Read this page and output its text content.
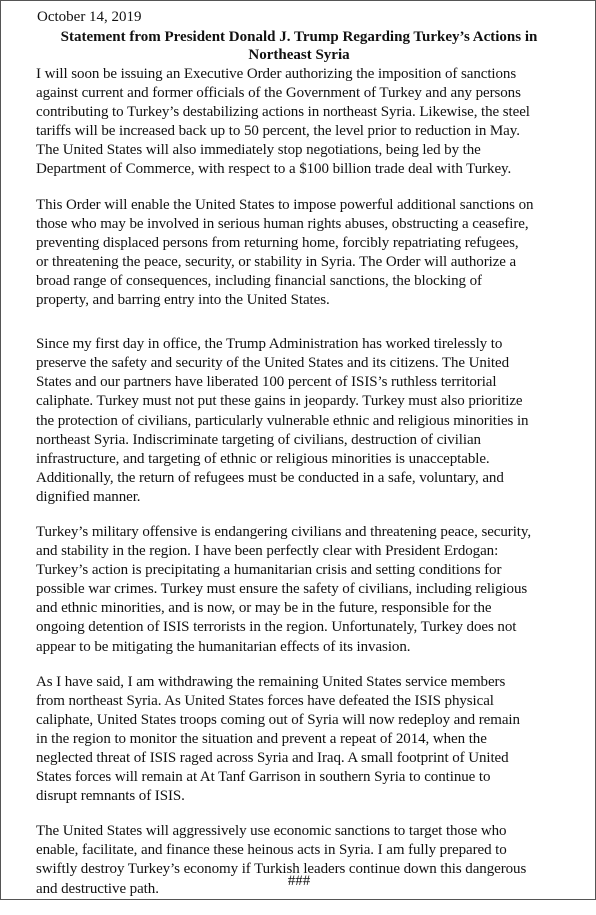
October 14, 2019
Statement from President Donald J. Trump Regarding Turkey’s Actions in
Northeast Syria

I will soon be issuing an Executive Order authorizing the imposition of sanctions
against current and former officials of the Government of Turkey and any persons
contributing to Turkey’s destabilizing actions in northeast Syria. Likewise, the steel
tariffs will be increased back up to 50 percent, the level prior to reduction in May.
The United States will also immediately stop negotiations, being led by the
Department of Commerce, with respect to a $100 billion trade deal with Turkey.

This Order will enable the United States to impose powerful additional sanctions on
those who may be involved in serious human rights abuses, obstructing a ceasefire,
preventing displaced persons from returning home, forcibly repatriating refugees,
or threatening the peace, security, or stability in Syria. The Order will authorize a
broad range of consequences, including financial sanctions, the blocking of
property, and barring entry into the United States.

Since my first day in office, the Trump Administration has worked tirelessly to
preserve the safety and security of the United States and its citizens. The United
States and our partners have liberated 100 percent of ISIS’s ruthless territorial
caliphate. Turkey must not put these gains in jeopardy. Turkey must also prioritize
the protection of civilians, particularly vulnerable ethnic and religious minorities in
northeast Syria. Indiscriminate targeting of civilians, destruction of civilian
infrastructure, and targeting of ethnic or religious minorities is unacceptable.
Additionally, the return of refugees must be conducted in a safe, voluntary, and
dignified manner.

Turkey’s military offensive is endangering civilians and threatening peace, security,
and stability in the region. I have been perfectly clear with President Erdogan:
Turkey’s action is precipitating a humanitarian crisis and setting conditions for
possible war crimes. Turkey must ensure the safety of civilians, including religious
and ethnic minorities, and is now, or may be in the future, responsible for the
ongoing detention of ISIS terrorists in the region. Unfortunately, Turkey does not
appear to be mitigating the humanitarian effects of its invasion.

As I have said, I am withdrawing the remaining United States service members
from northeast Syria. As United States forces have defeated the ISIS physical
caliphate, United States troops coming out of Syria will now redeploy and remain
in the region to monitor the situation and prevent a repeat of 2014, when the
neglected threat of ISIS raged across Syria and Iraq. A small footprint of United
States forces will remain at At Tanf Garrison in southern Syria to continue to
disrupt remnants of ISIS.

The United States will aggressively use economic sanctions to target those who
enable, facilitate, and finance these heinous acts in Syria. I am fully prepared to
swiftly destroy Turkey’s economy if Turkish leaders continue down this dangerous
and destructive path.	###
